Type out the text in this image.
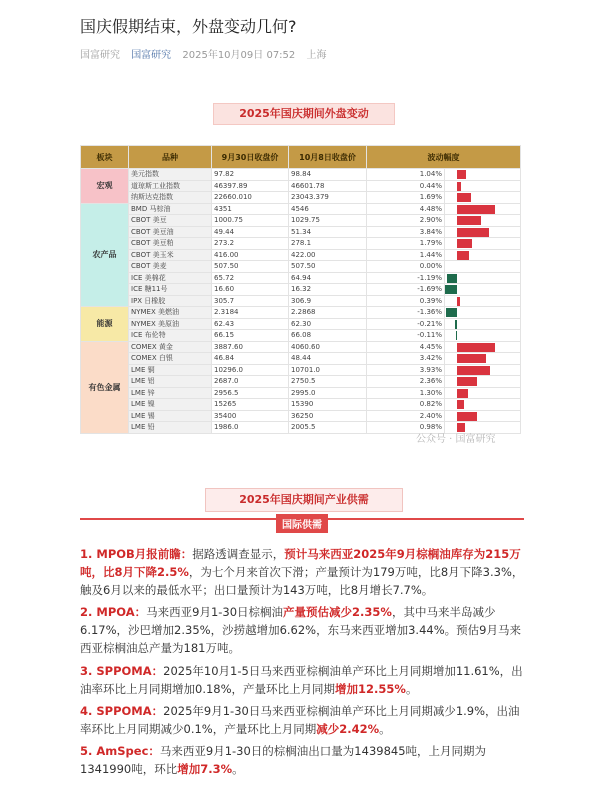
国庆假期结束，外盘变动几何?
国富研究 国富研究 2025年10月09日 07:52 上海
2025年国庆期间外盘变动
板块	品种	9月30日收盘价	10月8日收盘价	波动幅度	
宏观	美元指数	97.82	98.84	1.04%	

	道琼斯工业指数	46397.89	46601.78	0.44%	

	纳斯达克指数	22660.010	23043.379	1.69%	

农产品	BMD 马棕油	4351	4546	4.48%	

	CBOT 美豆	1000.75	1029.75	2.90%	

	CBOT 美豆油	49.44	51.34	3.84%	

	CBOT 美豆粕	273.2	278.1	1.79%	

	CBOT 美玉米	416.00	422.00	1.44%	

	CBOT 美麦	507.50	507.50	0.00%	
	ICE 美棉花	65.72	64.94	-1.19%	

	ICE 糖11号	16.60	16.32	-1.69%	

	IPX 日橡胶	305.7	306.9	0.39%	

能源	NYMEX 美燃油	2.3184	2.2868	-1.36%	

	NYMEX 美原油	62.43	62.30	-0.21%	

	ICE 布伦特	66.15	66.08	-0.11%	

有色金属	COMEX 黄金	3887.60	4060.60	4.45%	

	COMEX 白银	46.84	48.44	3.42%	

	LME 铜	10296.0	10701.0	3.93%	

	LME 铝	2687.0	2750.5	2.36%	

	LME 锌	2956.5	2995.0	1.30%	

	LME 镍	15265	15390	0.82%	

	LME 锡	35400	36250	2.40%	

	LME 铅	1986.0	2005.5	0.98%	
公众号 · 国富研究
2025年国庆期间产业供需
国际供需
1. MPOB月报前瞻：据路透调查显示，预计马来西亚2025年9月棕榈油库存为215万吨，比8月下降2.5%，为七个月来首次下滑；产量预计为179万吨，比8月下降3.3%，触及6月以来的最低水平；出口量预计为143万吨，比8月增长7.7%。
2. MPOA：马来西亚9月1-30日棕榈油产量预估减少2.35%，其中马来半岛减少6.17%，沙巴增加2.35%，沙捞越增加6.62%，东马来西亚增加3.44%。预估9月马来西亚棕榈油总产量为181万吨。
3. SPPOMA：2025年10月1-5日马来西亚棕榈油单产环比上月同期增加11.61%，出油率环比上月同期增加0.18%，产量环比上月同期增加12.55%。
4. SPPOMA：2025年9月1-30日马来西亚棕榈油单产环比上月同期减少1.9%，出油率环比上月同期减少0.1%，产量环比上月同期减少2.42%。
5. AmSpec：马来西亚9月1-30日的棕榈油出口量为1439845吨，上月同期为1341990吨，环比增加7.3%。
